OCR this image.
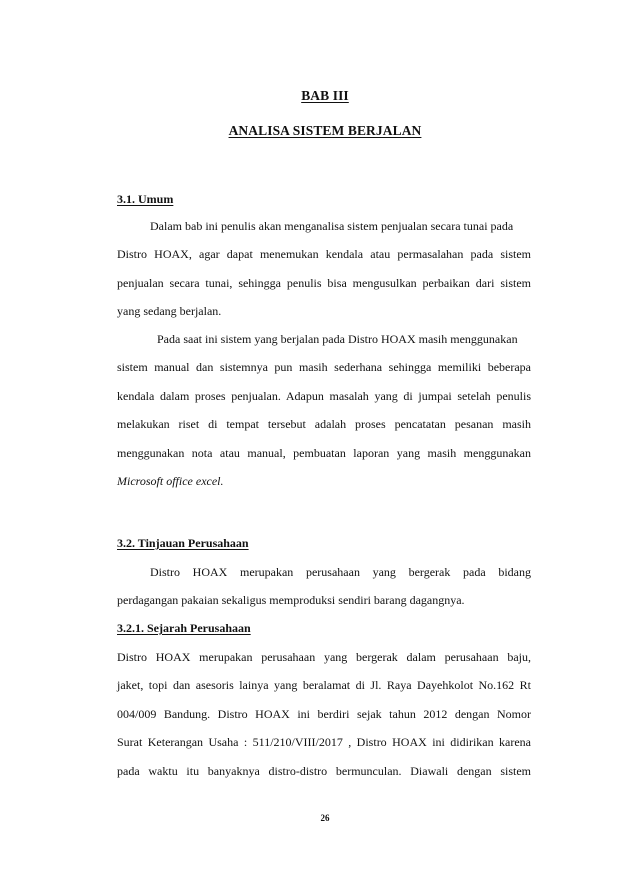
BAB III
ANALISA SISTEM BERJALAN
3.1. Umum
Dalam bab ini penulis akan menganalisa sistem penjualan secara tunai pada
Distro HOAX, agar dapat menemukan kendala atau permasalahan pada sistem
penjualan secara tunai, sehingga penulis bisa mengusulkan perbaikan dari sistem
yang sedang berjalan.
Pada saat ini sistem yang berjalan pada Distro HOAX masih menggunakan
sistem manual dan sistemnya pun masih sederhana sehingga memiliki beberapa
kendala dalam proses penjualan. Adapun masalah yang di jumpai setelah penulis
melakukan riset di tempat tersebut adalah proses pencatatan pesanan masih
menggunakan nota atau manual, pembuatan laporan yang masih menggunakan
Microsoft office excel.
3.2. Tinjauan Perusahaan
Distro HOAX merupakan perusahaan yang bergerak pada bidang
perdagangan pakaian sekaligus memproduksi sendiri barang dagangnya.
3.2.1. Sejarah Perusahaan
Distro HOAX merupakan perusahaan yang bergerak dalam perusahaan baju,
jaket, topi dan asesoris lainya yang beralamat di Jl. Raya Dayehkolot No.162 Rt
004/009 Bandung. Distro HOAX ini berdiri sejak tahun 2012 dengan Nomor
Surat Keterangan Usaha : 511/210/VIII/2017 , Distro HOAX ini didirikan karena
pada waktu itu banyaknya distro-distro bermunculan. Diawali dengan sistem
26
